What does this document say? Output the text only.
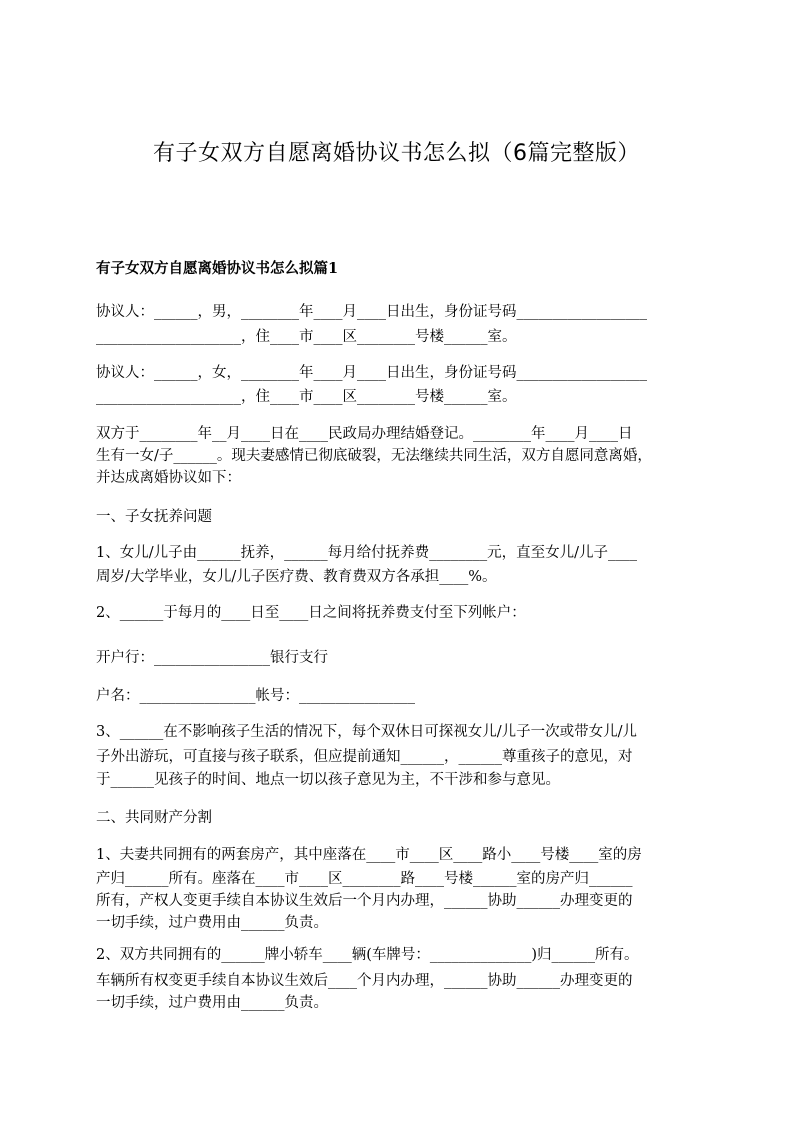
有子女双方自愿离婚协议书怎么拟（6篇完整版）
有子女双方自愿离婚协议书怎么拟篇1
协议人：______，男，________年____月____日出生，身份证号码__________________
____________________，住____市____区________号楼______室。
协议人：______，女，________年____月____日出生，身份证号码__________________
____________________，住____市____区________号楼______室。
双方于________年__月____日在____民政局办理结婚登记。________年____月____日
生有一女/子______。现夫妻感情已彻底破裂，无法继续共同生活，双方自愿同意离婚，
并达成离婚协议如下：
一、子女抚养问题
1、女儿/儿子由______抚养，______每月给付抚养费________元，直至女儿/儿子____
周岁/大学毕业，女儿/儿子医疗费、教育费双方各承担____%。
2、______于每月的____日至____日之间将抚养费支付至下列帐户：
开户行：________________银行支行
户名：________________帐号：________________
3、______在不影响孩子生活的情况下，每个双休日可探视女儿/儿子一次或带女儿/儿
子外出游玩，可直接与孩子联系，但应提前通知______，______尊重孩子的意见，对
于______见孩子的时间、地点一切以孩子意见为主，不干涉和参与意见。
二、共同财产分割
1、夫妻共同拥有的两套房产，其中座落在____市____区____路小____号楼____室的房
产归______所有。座落在____市____区________路____号楼______室的房产归______
所有，产权人变更手续自本协议生效后一个月内办理，______协助______办理变更的
一切手续，过户费用由______负责。
2、双方共同拥有的______牌小轿车____辆(车牌号：______________)归______所有。
车辆所有权变更手续自本协议生效后____个月内办理，______协助______办理变更的
一切手续，过户费用由______负责。
